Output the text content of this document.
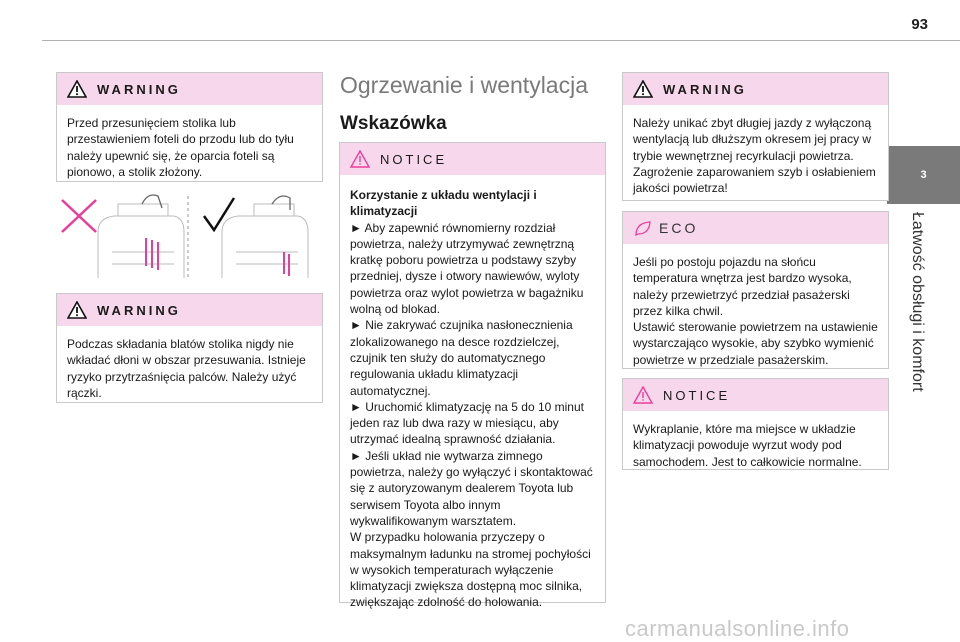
93
3
Łatwość obsługi i komfort
WARNING

Przed przesunięciem stolika lub przestawieniem foteli do przodu lub do tyłu należy upewnić się, że oparcia foteli są pionowo, a stolik złożony.

WARNING

Podczas składania blatów stolika nigdy nie wkładać dłoni w obszar przesuwania. Istnieje ryzyko przytrzaśnięcia palców. Należy użyć rączki.

Ogrzewanie i wentylacja
Wskazówka
NOTICE

Korzystanie z układu wentylacji i klimatyzacji

► Aby zapewnić równomierny rozdział powietrza, należy utrzymywać zewnętrzną kratkę poboru powietrza u podstawy szyby przedniej, dysze i otwory nawiewów, wyloty powietrza oraz wylot powietrza w bagażniku wolną od blokad.

► Nie zakrywać czujnika nasłonecznienia zlokalizowanego na desce rozdzielczej, czujnik ten służy do automatycznego regulowania układu klimatyzacji automatycznej.

► Uruchomić klimatyzację na 5 do 10 minut jeden raz lub dwa razy w miesiącu, aby utrzymać idealną sprawność działania.

► Jeśli układ nie wytwarza zimnego powietrza, należy go wyłączyć i skontaktować się z autoryzowanym dealerem Toyota lub serwisem Toyota albo innym wykwalifikowanym warsztatem.

W przypadku holowania przyczepy o maksymalnym ładunku na stromej pochyłości w wysokich temperaturach wyłączenie klimatyzacji zwiększa dostępną moc silnika, zwiększając zdolność do holowania.

WARNING

Należy unikać zbyt długiej jazdy z wyłączoną wentylacją lub dłuższym okresem jej pracy w trybie wewnętrznej recyrkulacji powietrza. Zagrożenie zaparowaniem szyb i osłabieniem jakości powietrza!

ECO

Jeśli po postoju pojazdu na słońcu temperatura wnętrza jest bardzo wysoka, należy przewietrzyć przedział pasażerski przez kilka chwil.
Ustawić sterowanie powietrzem na ustawienie wystarczająco wysokie, aby szybko wymienić powietrze w przedziale pasażerskim.

NOTICE

Wykraplanie, które ma miejsce w układzie klimatyzacji powoduje wyrzut wody pod samochodem. Jest to całkowicie normalne.

carmanualsonline.info
